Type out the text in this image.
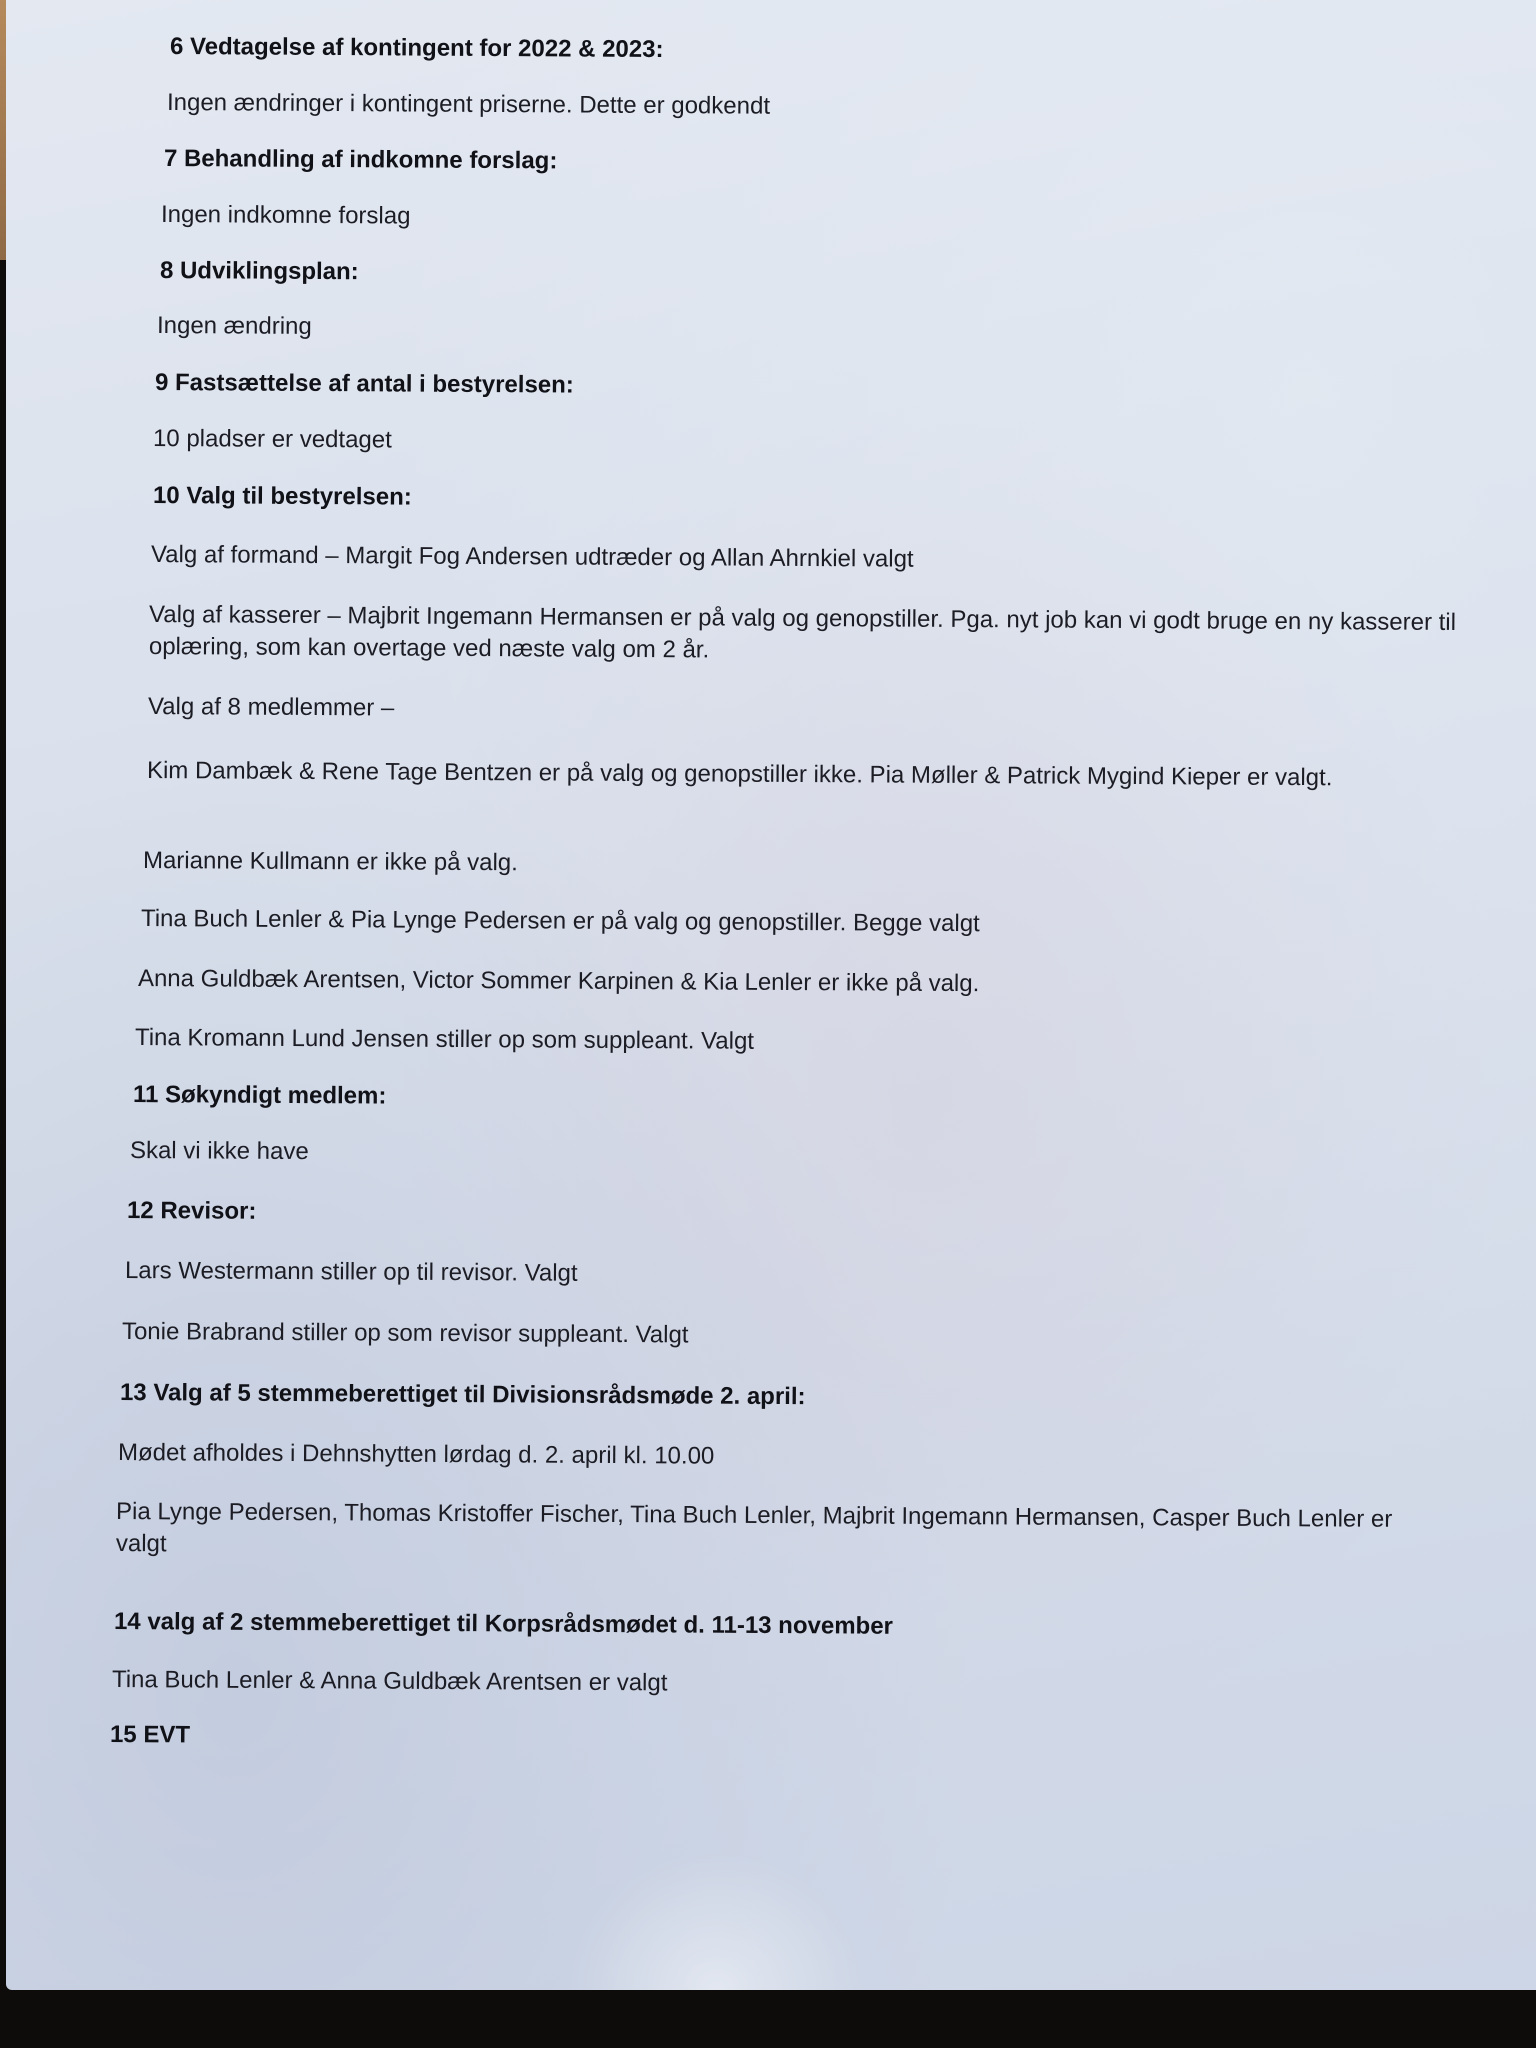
6 Vedtagelse af kontingent for 2022 & 2023:
Ingen ændringer i kontingent priserne. Dette er godkendt
7 Behandling af indkomne forslag:
Ingen indkomne forslag
8 Udviklingsplan:
Ingen ændring
9 Fastsættelse af antal i bestyrelsen:
10 pladser er vedtaget
10 Valg til bestyrelsen:
Valg af formand – Margit Fog Andersen udtræder og Allan Ahrnkiel valgt
Valg af kasserer – Majbrit Ingemann Hermansen er på valg og genopstiller. Pga. nyt job kan vi godt bruge en ny kasserer til oplæring, som kan overtage ved næste valg om 2 år.
Valg af 8 medlemmer –
Kim Dambæk & Rene Tage Bentzen er på valg og genopstiller ikke. Pia Møller & Patrick Mygind Kieper er valgt.
Marianne Kullmann er ikke på valg.
Tina Buch Lenler & Pia Lynge Pedersen er på valg og genopstiller. Begge valgt
Anna Guldbæk Arentsen, Victor Sommer Karpinen & Kia Lenler er ikke på valg.
Tina Kromann Lund Jensen stiller op som suppleant. Valgt
11 Søkyndigt medlem:
Skal vi ikke have
12 Revisor:
Lars Westermann stiller op til revisor. Valgt
Tonie Brabrand stiller op som revisor suppleant. Valgt
13 Valg af 5 stemmeberettiget til Divisionsrådsmøde 2. april:
Mødet afholdes i Dehnshytten lørdag d. 2. april kl. 10.00
Pia Lynge Pedersen, Thomas Kristoffer Fischer, Tina Buch Lenler, Majbrit Ingemann Hermansen, Casper Buch Lenler er valgt
14 valg af 2 stemmeberettiget til Korpsrådsmødet d. 11-13 november
Tina Buch Lenler & Anna Guldbæk Arentsen er valgt
15 EVT
